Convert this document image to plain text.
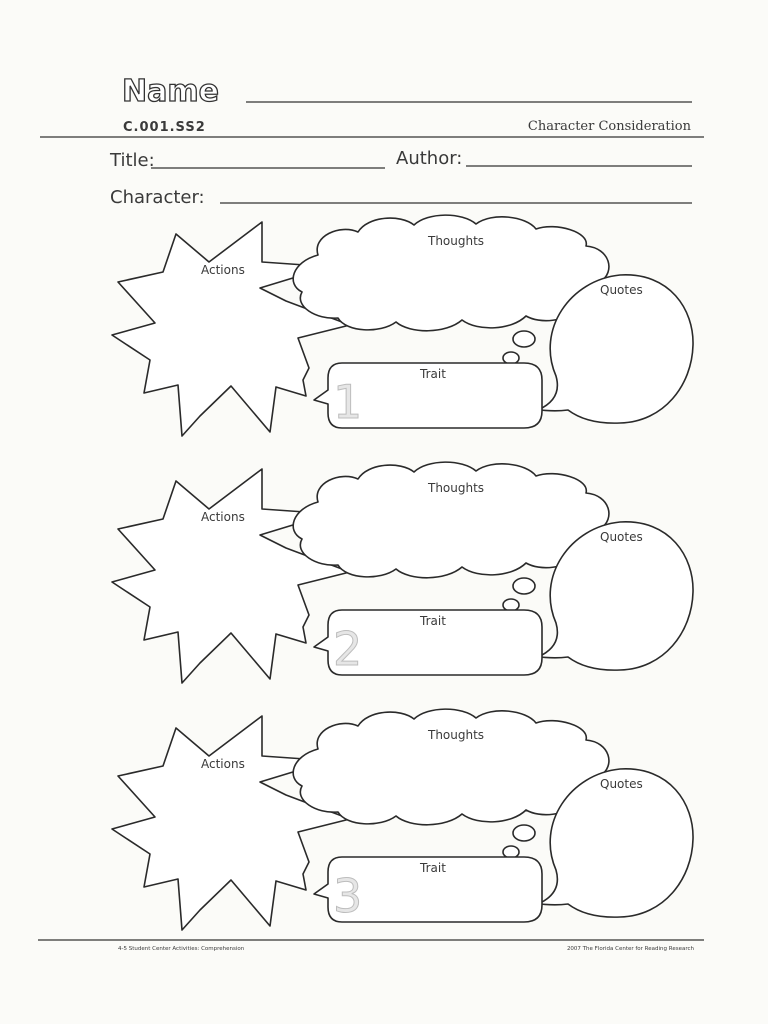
Name
C.001.SS2	Character Consideration
Title:	Author:
Character:
Actions
Thoughts
Quotes
Trait
1
Actions
Thoughts
Quotes
Trait
2
Actions
Thoughts
Quotes
Trait
3
4-5 Student Center Activities: Comprehension	2007 The Florida Center for Reading Research
